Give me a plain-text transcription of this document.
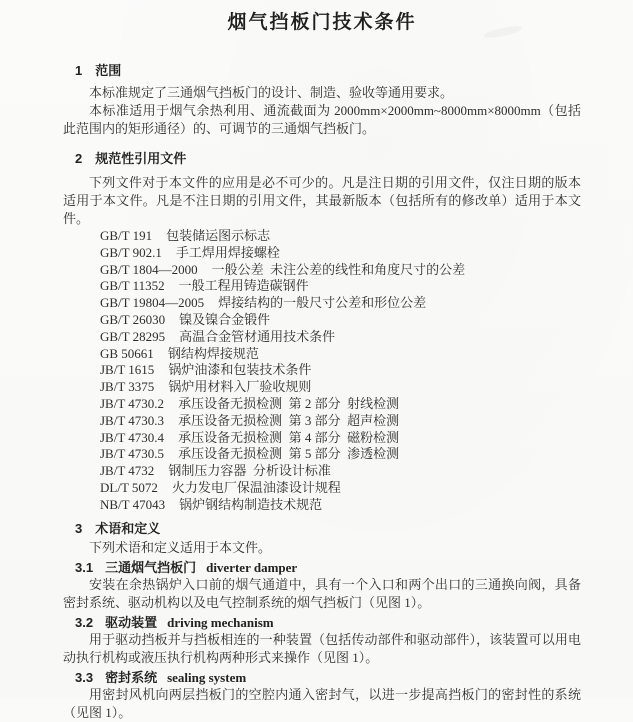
烟气挡板门技术条件
1 范围

本标准规定了三通烟气挡板门的设计、制造、验收等通用要求。

本标准适用于烟气余热利用、通流截面为 2000mm×2000mm~8000mm×8000mm（包括此范围内的矩形通径）的、可调节的三通烟气挡板门。

2 规范性引用文件

下列文件对于本文件的应用是必不可少的。凡是注日期的引用文件，仅注日期的版本适用于本文件。凡是不注日期的引用文件，其最新版本（包括所有的修改单）适用于本文件。

GB/T 191 包装储运图示标志
GB/T 902.1 手工焊用焊接螺栓
GB/T 1804—2000 一般公差  未注公差的线性和角度尺寸的公差
GB/T 11352 一般工程用铸造碳钢件
GB/T 19804—2005 焊接结构的一般尺寸公差和形位公差
GB/T 26030 镍及镍合金锻件
GB/T 28295 高温合金管材通用技术条件
GB 50661 钢结构焊接规范
JB/T 1615 锅炉油漆和包装技术条件
JB/T 3375 锅炉用材料入厂验收规则
JB/T 4730.2 承压设备无损检测  第 2 部分  射线检测
JB/T 4730.3 承压设备无损检测  第 3 部分  超声检测
JB/T 4730.4 承压设备无损检测  第 4 部分  磁粉检测
JB/T 4730.5 承压设备无损检测  第 5 部分  渗透检测
JB/T 4732 钢制压力容器  分析设计标准
DL/T 5072 火力发电厂保温油漆设计规程
NB/T 47043 锅炉钢结构制造技术规范
3 术语和定义

下列术语和定义适用于本文件。

3.1 三通烟气挡板门 diverter damper

安装在余热锅炉入口前的烟气通道中，具有一个入口和两个出口的三通换向阀，具备密封系统、驱动机构以及电气控制系统的烟气挡板门（见图 1）。

3.2 驱动装置 driving mechanism

用于驱动挡板并与挡板相连的一种装置（包括传动部件和驱动部件），该装置可以用电动执行机构或液压执行机构两种形式来操作（见图 1）。

3.3 密封系统 sealing system

用密封风机向两层挡板门的空腔内通入密封气，以进一步提高挡板门的密封性的系统（见图 1）。
